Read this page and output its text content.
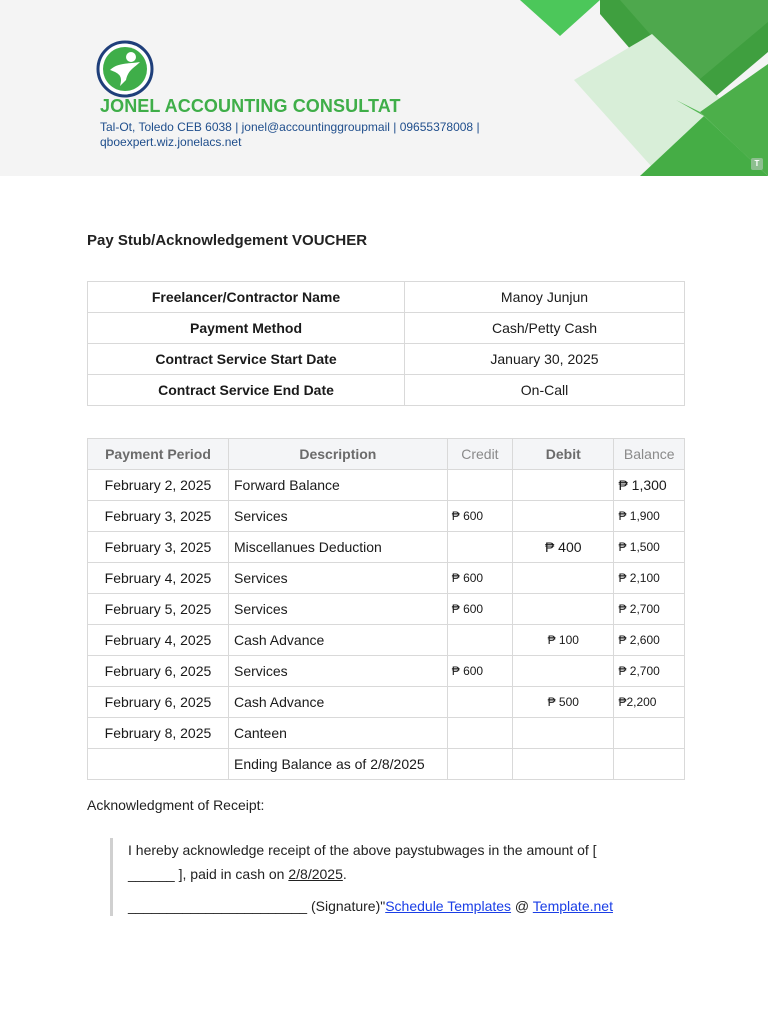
JONEL ACCOUNTING CONSULTAT
Tal-Ot, Toledo CEB 6038 | jonel@accountinggroupmail | 09655378008 |
qboexpert.wiz.jonelacs.net
T
Pay Stub/Acknowledgement VOUCHER
Freelancer/Contractor Name	Manoy Junjun
Payment Method	Cash/Petty Cash
Contract Service Start Date	January 30, 2025
Contract Service End Date	On-Call
Payment Period	Description	Credit	Debit	Balance
February 2, 2025	Forward Balance			₱ 1,300
February 3, 2025	Services	₱ 600		₱ 1,900
February 3, 2025	Miscellanues Deduction		₱ 400	₱ 1,500
February 4, 2025	Services	₱ 600		₱ 2,100
February 5, 2025	Services	₱ 600		₱ 2,700
February 4, 2025	Cash Advance		₱ 100	₱ 2,600
February 6, 2025	Services	₱ 600		₱ 2,700
February 6, 2025	Cash Advance		₱ 500	₱2,200
February 8, 2025	Canteen			
	Ending Balance as of 2/8/2025			
Acknowledgment of Receipt:
I hereby acknowledge receipt of the above paystubwages in the amount of [
______ ], paid in cash on 2/8/2025.
_______________________ (Signature)"Schedule Templates @ Template.net
